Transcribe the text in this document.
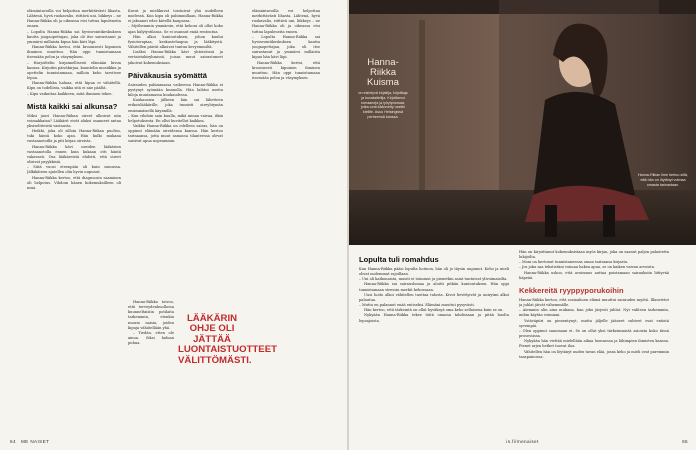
elämäntavoilla voi helpottaa merkittävästi lihasta. Lähtenä, hyvä ruokavalio, riittävä uni, liikkeys – ne Hanna-Riikka oli ja oikeassa etsi tuttua lapuleneita ennen.

– Lopulta Hanna-Riikka sai hyvinvointikeskuksen kautta joogaopettajan, joka oli itse sairastanut ja ymmärsi millaista kipua hän kävi läpi.

Hanna-Riikka kertoi, että kroonisesti kipuinen ihminen muuttuu. Hän oppi tunnistamaan itsessään pelon ja väsymyksen.

– Harjoittelin kirjaimellisesti elämään kivun kanssa. Kirjoitin päiväkirjaa, kuuntelin musiikkia ja opettelin tunnistamaan, milloin keho tarvitsee lepoa.

Hanna-Riikka haluaa, että kipua ei vähätellä. Kipu on todellista, vaikka sitä ei näe päältä.

– Kipu vaikuttaa kaikkeen, mitä ihminen tekee.

Mistä kaikki sai alkunsa?

Miksi juuri Hanna-Riikan oireet alkoivat niin voimakkaina? Lääkärit eivät aluksi osanneet antaa yksiselitteistä vastausta.

Heikki, joka oli silloin Hanna-Riikan puoliso, tuki häntä koko ajan. Hän kulki mukana vastaanotoilla ja piti kirjaa oireista.

Hanna-Riikka kävi useiden lääkärien vastaanotolla ennen kuin kukaan otti häntä vakavasti. Osa lääkäreistä ehdotti, että oireet olisivat psyykkisiä.

– Siitä vuosi eteenpäin oli kuin sumussa. Jälkikäteen ajatellen olin hyvin uupunut.

Hanna-Riikka kertoo, että diagnoosin saaminen oli helpotus. Vihdoin hänen kokemuksilleen oli nimi.

Kuvat ja mielikuvat toistuivat yhä uudelleen mielessä. Kun kipu oli pahimmillaan, Hanna-Riikka ei jaksanut edes kävellä kaupassa.

– Myöhemmin ymmärsin, että kehoni oli ollut koko ajan hälytystilassa. Se ei osannut enää rentoutua.

Hän alkoi kuntoutuksen, johon kuului fysioterapiaa, keskusteluapua ja lääkitystä. Vähitellen päivät alkoivat tuntua kevyemmiltä.

Lisäksi Hanna-Riikka kävi yhteisöissä ja vertaistukiryhmissä, joissa muut sairastuneet jakoivat kokemuksiaan.

Päiväkausia syömättä

Sairauden pahimmassa vaiheessa Hanna-Riikka ei pystynyt syömään kunnolla. Hän laihtui useita kiloja muutamassa kuukaudessa.

Kuukausien jälkeen hän sai lähetteen erikoislääkärille, joka tunnisti oireyhtymän ensimmäisellä käynnillä.

– Kun vihdoin sain kuulla, mikä minua vaivaa, itkin helpotuksesta. En ollut kuvitellut kaikkea.

Vaikka Hanna-Riikka on edelleen sairas, hän on oppinut elämään oireidensa kanssa. Hän kertoo tarinaansa, jotta muut samassa tilanteessa olevat saisivat apua nopeammin.

Hanna-Riikka toivoo, että terveydenhuollossa kuunneltaisiin potilaita tarkemmin, etenkin nuoria naisia, joiden kipuja vähätellään yhä.

– Tiedän, etten ole ainoa. Siksi haluan puhua.

elämäntavoilla voi helpottaa merkittävästi lihasta. Lähtenä, hyvä ruokavalio, riittävä uni, liikkeys – ne Hanna-Riikka oli ja oikeassa etsi tuttua lapuleneita ennen.

– Lopulta Hanna-Riikka sai hyvinvointikeskuksen kautta joogaopettajan, joka oli itse sairastanut ja ymmärsi millaista kipua hän kävi läpi.

Hanna-Riikka kertoi, että kroonisesti kipuinen ihminen muuttuu. Hän oppi tunnistamaan itsessään pelon ja väsymyksen.

LÄÄKÄRIN OHJE OLI JÄTTÄÄ LUONTAISTUOTTEET VÄLITTÖMÄSTI.
64 ME NAISET
Hanna-Riikka Kuisma
on esiintyvä kirjailija, kirjoittaja ja kuvataiteilija. Kirjoittanut romaaneja ja lyhytproosaa, jotka ovat käännetty useille kielille. Asuu Helsingissä perheensä kanssa.
Hanna-Riikan ilme kertoo siitä, että hän on löytänyt voimaa omasta tarinastaan.
Lopulta tuli romahdus

Kun Hanna-Riikka pääsi lopulta hoitoon, hän oli jo täysin uupunut. Keho ja mieli olivat molemmat rajoillaan.

– Uni oli katkonaista, muisti ei toiminut ja pienetkin asiat tuntuivat ylivoimaisilta.

Hanna-Riikka sai sairauslomaa ja aloitti pitkän kuntoutuksen. Hän oppi tunnistamaan stressin merkit kehossaan.

Uusi hoito alkoi vähitellen tuottaa tulosta. Kivut lievittyivät ja unirytmi alkoi palautua.

– Mutta en palannut enää entiseksi. Elämäni muuttui pysyvästi.

Hän kertoo, että tärkeintä on ollut hyväksyä oma keho sellaisena kuin se on.

Nykyään Hanna-Riikka tekee töitä omassa tahdissaan ja pitää huolta lepoajoista.

Hän on kirjoittanut kokemuksistaan myös kirjan, joka on saanut paljon palautetta lukijoilta.

– Moni on kertonut tunnistaneensa oman tarinansa kirjasta.

– Jos joku saa tekstistäni voimaa hakea apua, se on kaiken vaivan arvoista.

Hanna-Riikka uskoo, että avoimuus auttaa poistamaan sairauksiin liittyvää häpeää.

Kekkereitä ryyppyporukoihin

Hanna-Riikka kertoo, että sosiaalinen elämä muuttui sairauden myötä. Illanvietot ja juhlat jäivät vähemmälle.

– Aiemmin olin aina mukana, kun joku järjesti juhlat. Nyt valitsen tarkemmin, mihin käytän voimiani.

Ystäväpiiri on pienentynyt, mutta jäljelle jääneet suhteet ovat entistä syvempiä.

– Olen oppinut sanomaan ei. Se on ollut yksi tärkeimmistä asioista koko tässä prosessissa.

Nykyään hän viettää mielellään aikaa luonnossa ja lähimpien ihmisten kanssa. Pienet arjen hetket tuovat iloa.

Vähitellen hän on löytänyt uuden tavan elää, jossa keho ja mieli ovat paremmin tasapainossa.

is.fi/menaiset	65
